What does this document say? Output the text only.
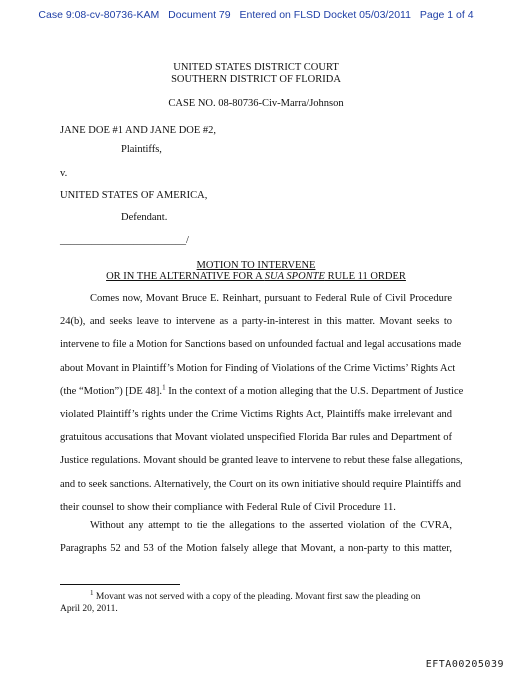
Case 9:08-cv-80736-KAM Document 79 Entered on FLSD Docket 05/03/2011 Page 1 of 4
UNITED STATES DISTRICT COURT
SOUTHERN DISTRICT OF FLORIDA
CASE NO. 08-80736-Civ-Marra/Johnson
JANE DOE #1 AND JANE DOE #2,
Plaintiffs,
v.
UNITED STATES OF AMERICA,
Defendant.
________________________/
MOTION TO INTERVENE
OR IN THE ALTERNATIVE FOR A SUA SPONTE RULE 11 ORDER
Comes now, Movant Bruce E. Reinhart, pursuant to Federal Rule of Civil Procedure
24(b), and seeks leave to intervene as a party-in-interest in this matter. Movant seeks to
intervene to file a Motion for Sanctions based on unfounded factual and legal accusations made
about Movant in Plaintiff’s Motion for Finding of Violations of the Crime Victims’ Rights Act
(the “Motion”) [DE 48].$^1$ In the context of a motion alleging that the U.S. Department of Justice
violated Plaintiff’s rights under the Crime Victims Rights Act, Plaintiffs make irrelevant and
gratuitous accusations that Movant violated unspecified Florida Bar rules and Department of
Justice regulations. Movant should be granted leave to intervene to rebut these false allegations,
and to seek sanctions. Alternatively, the Court on its own initiative should require Plaintiffs and
their counsel to show their compliance with Federal Rule of Civil Procedure 11.
Without any attempt to tie the allegations to the asserted violation of the CVRA,
Paragraphs 52 and 53 of the Motion falsely allege that Movant, a non-party to this matter,
$^1$ Movant was not served with a copy of the pleading. Movant first saw the pleading on
April 20, 2011.
EFTA00205039
